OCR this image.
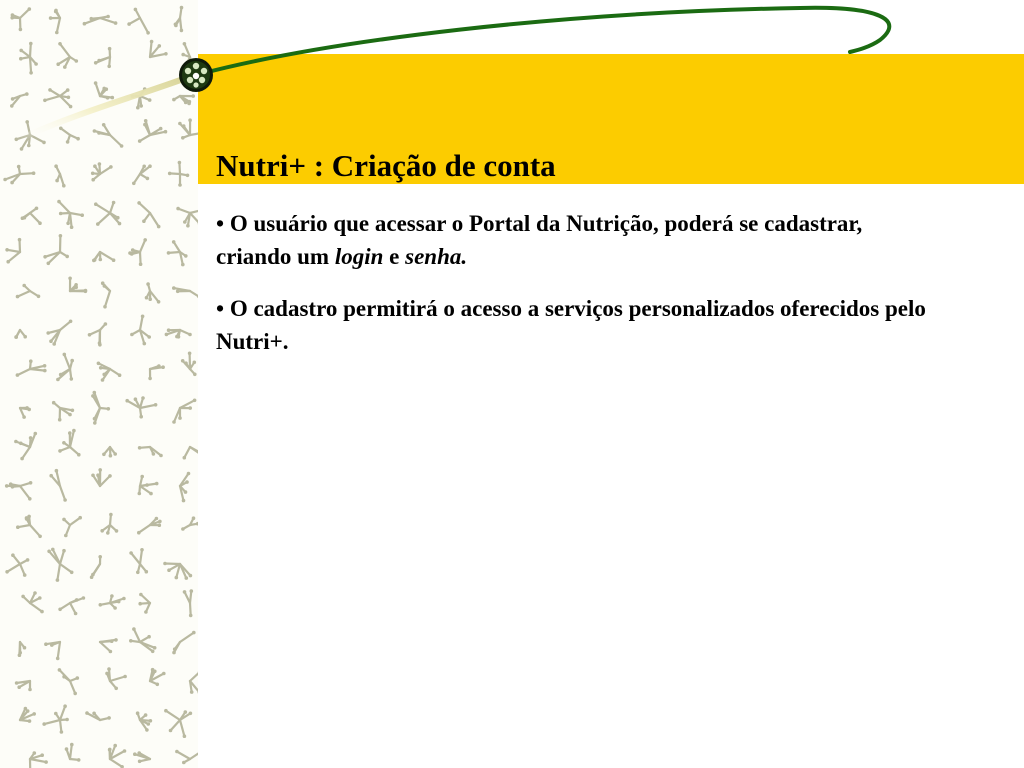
Nutri+ : Criação de conta
• O usuário que acessar o Portal da Nutrição, poderá se cadastrar, criando um login e senha.
• O cadastro permitirá o acesso a serviços personalizados oferecidos pelo Nutri+.
